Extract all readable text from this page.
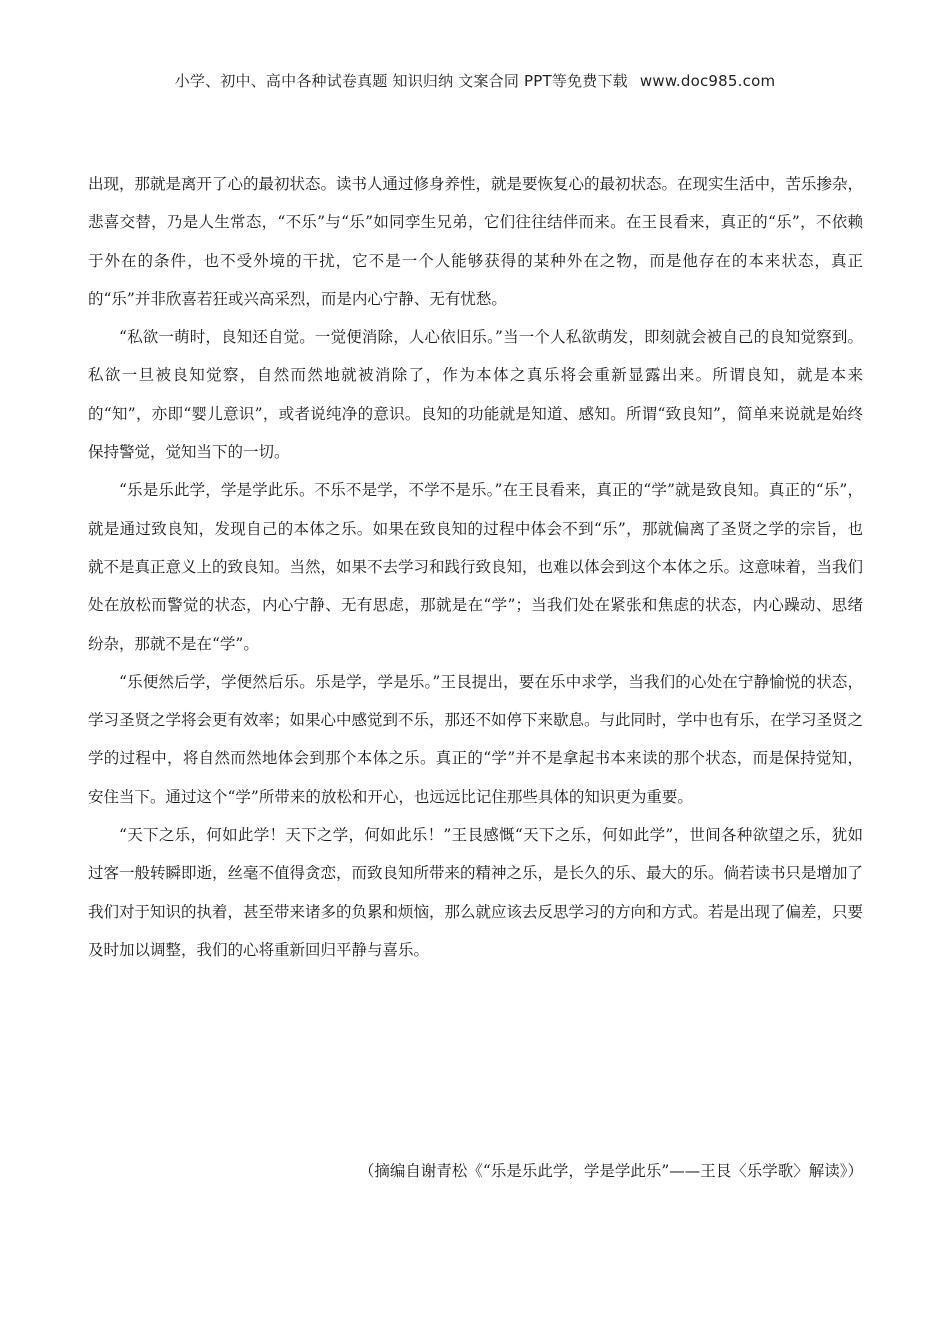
小学、初中、高中各种试卷真题 知识归纳 文案合同 PPT等免费下载 www.doc985.com

出现，那就是离开了心的最初状态。读书人通过修身养性，就是要恢复心的最初状态。在现实生活中，苦乐掺杂，悲喜交替，乃是人生常态，“不乐”与“乐”如同孪生兄弟，它们往往结伴而来。在王艮看来，真正的“乐”，不依赖于外在的条件，也不受外境的干扰，它不是一个人能够获得的某种外在之物，而是他存在的本来状态，真正的“乐”并非欣喜若狂或兴高采烈，而是内心宁静、无有忧愁。

“私欲一萌时，良知还自觉。一觉便消除，人心依旧乐。”当一个人私欲萌发，即刻就会被自己的良知觉察到。私欲一旦被良知觉察，自然而然地就被消除了，作为本体之真乐将会重新显露出来。所谓良知，就是本来的“知”，亦即“婴儿意识”，或者说纯净的意识。良知的功能就是知道、感知。所谓“致良知”，简单来说就是始终保持警觉，觉知当下的一切。

“乐是乐此学，学是学此乐。不乐不是学，不学不是乐。”在王艮看来，真正的“学”就是致良知。真正的“乐”，就是通过致良知，发现自己的本体之乐。如果在致良知的过程中体会不到“乐”，那就偏离了圣贤之学的宗旨，也就不是真正意义上的致良知。当然，如果不去学习和践行致良知，也难以体会到这个本体之乐。这意味着，当我们处在放松而警觉的状态，内心宁静、无有思虑，那就是在“学”；当我们处在紧张和焦虑的状态，内心躁动、思绪纷杂，那就不是在“学”。

“乐便然后学，学便然后乐。乐是学，学是乐。”王艮提出，要在乐中求学，当我们的心处在宁静愉悦的状态，学习圣贤之学将会更有效率；如果心中感觉到不乐，那还不如停下来歇息。与此同时，学中也有乐，在学习圣贤之学的过程中，将自然而然地体会到那个本体之乐。真正的“学”并不是拿起书本来读的那个状态，而是保持觉知，安住当下。通过这个“学”所带来的放松和开心，也远远比记住那些具体的知识更为重要。

“天下之乐，何如此学！天下之学，何如此乐！”王艮感慨“天下之乐，何如此学”，世间各种欲望之乐，犹如过客一般转瞬即逝，丝毫不值得贪恋，而致良知所带来的精神之乐，是长久的乐、最大的乐。倘若读书只是增加了我们对于知识的执着，甚至带来诸多的负累和烦恼，那么就应该去反思学习的方向和方式。若是出现了偏差，只要及时加以调整，我们的心将重新回归平静与喜乐。

（摘编自谢青松《“乐是乐此学，学是学此乐”——王艮〈乐学歌〉解读》）
